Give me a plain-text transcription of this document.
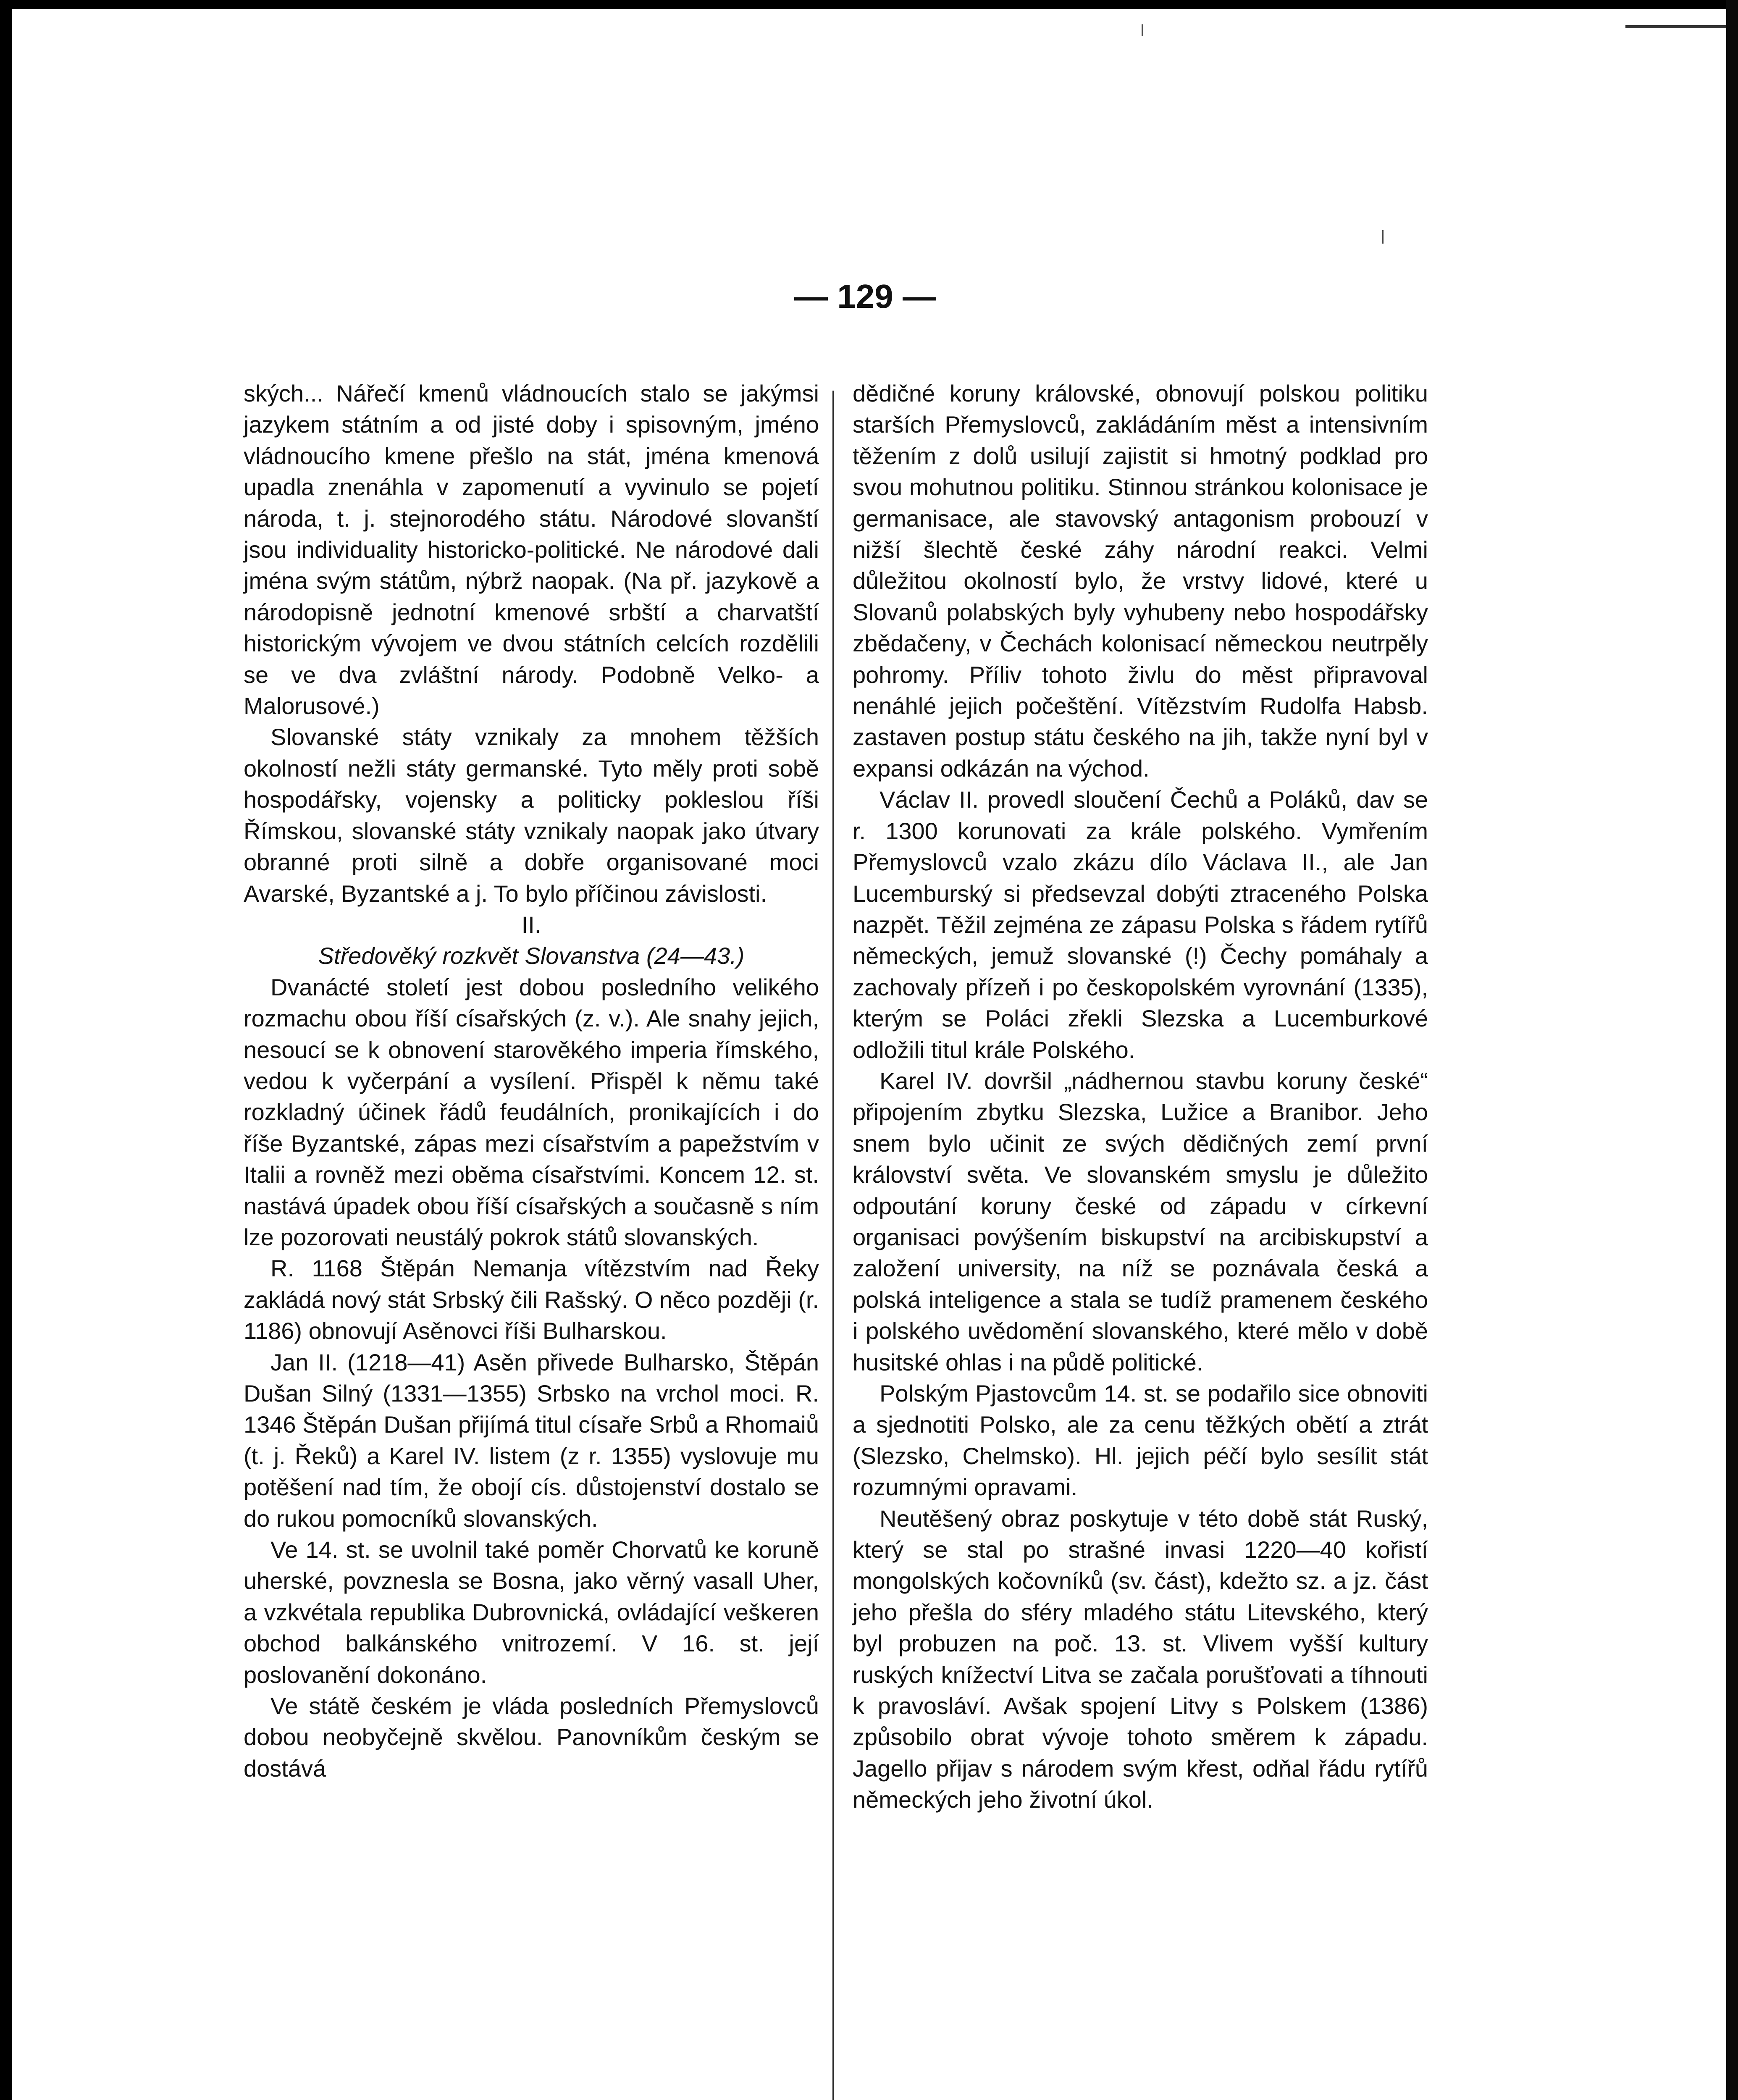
— 129 —

ských... Nářečí kmenů vládnoucích stalo se jakýmsi jazykem státním a od jisté doby i spisovným, jméno vládnoucího kmene přešlo na stát, jména kmenová upadla znenáhla v zapomenutí a vyvinulo se pojetí národa, t. j. stejnorodého státu. Národové slovanští jsou individuality historicko-politické. Ne národové dali jména svým státům, nýbrž naopak. (Na př. jazykově a národopisně jednotní kmenové srbští a charvatští historickým vývojem ve dvou státních celcích rozdělili se ve dva zvláštní národy. Podobně Velko- a Malorusové.)

Slovanské státy vznikaly za mnohem těžších okolností nežli státy germanské. Tyto měly proti sobě hospodářsky, vojensky a politicky pokleslou říši Římskou, slovanské státy vznikaly naopak jako útvary obranné proti silně a dobře organisované moci Avarské, Byzantské a j. To bylo příčinou závislosti.

II.

Středověký rozkvět Slovanstva (24—43.)

Dvanácté století jest dobou posledního velikého rozmachu obou říší císařských (z. v.). Ale snahy jejich, nesoucí se k obnovení starověkého imperia římského, vedou k vyčerpání a vysílení. Přispěl k němu také rozkladný účinek řádů feudálních, pronikajících i do říše Byzantské, zápas mezi císařstvím a papežstvím v Italii a rovněž mezi oběma císařstvími. Koncem 12. st. nastává úpadek obou říší císařských a současně s ním lze pozorovati neustálý pokrok států slovanských.

R. 1168 Štěpán Nemanja vítězstvím nad Řeky zakládá nový stát Srbský čili Rašský. O něco později (r. 1186) obnovují Asěnovci říši Bulharskou.

Jan II. (1218—41) Asěn přivede Bulharsko, Štěpán Dušan Silný (1331—1355) Srbsko na vrchol moci. R. 1346 Štěpán Dušan přijímá titul císaře Srbů a Rhomaiů (t. j. Řeků) a Karel IV. listem (z r. 1355) vyslovuje mu potěšení nad tím, že obojí cís. důstojenství dostalo se do rukou pomocníků slovanských.

Ve 14. st. se uvolnil také poměr Chorvatů ke koruně uherské, povznesla se Bosna, jako věrný vasall Uher, a vzkvétala republika Dubrovnická, ovládající veškeren obchod balkánského vnitrozemí. V 16. st. její poslovanění dokonáno.

Ve státě českém je vláda posledních Přemyslovců dobou neobyčejně skvělou. Panovníkům českým se dostává

dědičné koruny královské, obnovují polskou politiku starších Přemyslovců, zakládáním měst a intensivním těžením z dolů usilují zajistit si hmotný podklad pro svou mohutnou politiku. Stinnou stránkou kolonisace je germanisace, ale stavovský antagonism probouzí v nižší šlechtě české záhy národní reakci. Velmi důležitou okolností bylo, že vrstvy lidové, které u Slovanů polabských byly vyhubeny nebo hospodářsky zbědačeny, v Čechách kolonisací německou neutrpěly pohromy. Příliv tohoto živlu do měst připravoval nenáhlé jejich počeštění. Vítězstvím Rudolfa Habsb. zastaven postup státu českého na jih, takže nyní byl v expansi odkázán na východ.

Václav II. provedl sloučení Čechů a Poláků, dav se r. 1300 korunovati za krále polského. Vymřením Přemyslovců vzalo zkázu dílo Václava II., ale Jan Lucemburský si předsevzal dobýti ztraceného Polska nazpět. Těžil zejména ze zápasu Polska s řádem rytířů německých, jemuž slovanské (!) Čechy pomáhaly a zachovaly přízeň i po českopolském vyrovnání (1335), kterým se Poláci zřekli Slezska a Lucemburkové odložili titul krále Polského.

Karel IV. dovršil „nádhernou stavbu koruny české“ připojením zbytku Slezska, Lužice a Branibor. Jeho snem bylo učinit ze svých dědičných zemí první království světa. Ve slovanském smyslu je důležito odpoutání koruny české od západu v církevní organisaci povýšením biskupství na arcibiskupství a založení university, na níž se poznávala česká a polská inteligence a stala se tudíž pramenem českého i polského uvědomění slovanského, které mělo v době husitské ohlas i na půdě politické.

Polským Pjastovcům 14. st. se podařilo sice obnoviti a sjednotiti Polsko, ale za cenu těžkých obětí a ztrát (Slezsko, Chelmsko). Hl. jejich péčí bylo sesílit stát rozumnými opravami.

Neutěšený obraz poskytuje v této době stát Ruský, který se stal po strašné invasi 1220—40 kořistí mongolských kočovníků (sv. část), kdežto sz. a jz. část jeho přešla do sféry mladého státu Litevského, který byl probuzen na poč. 13. st. Vlivem vyšší kultury ruských knížectví Litva se začala porušťovati a tíhnouti k pravosláví. Avšak spojení Litvy s Polskem (1386) způsobilo obrat vývoje tohoto směrem k západu. Jagello přijav s národem svým křest, odňal řádu rytířů německých jeho životní úkol.
